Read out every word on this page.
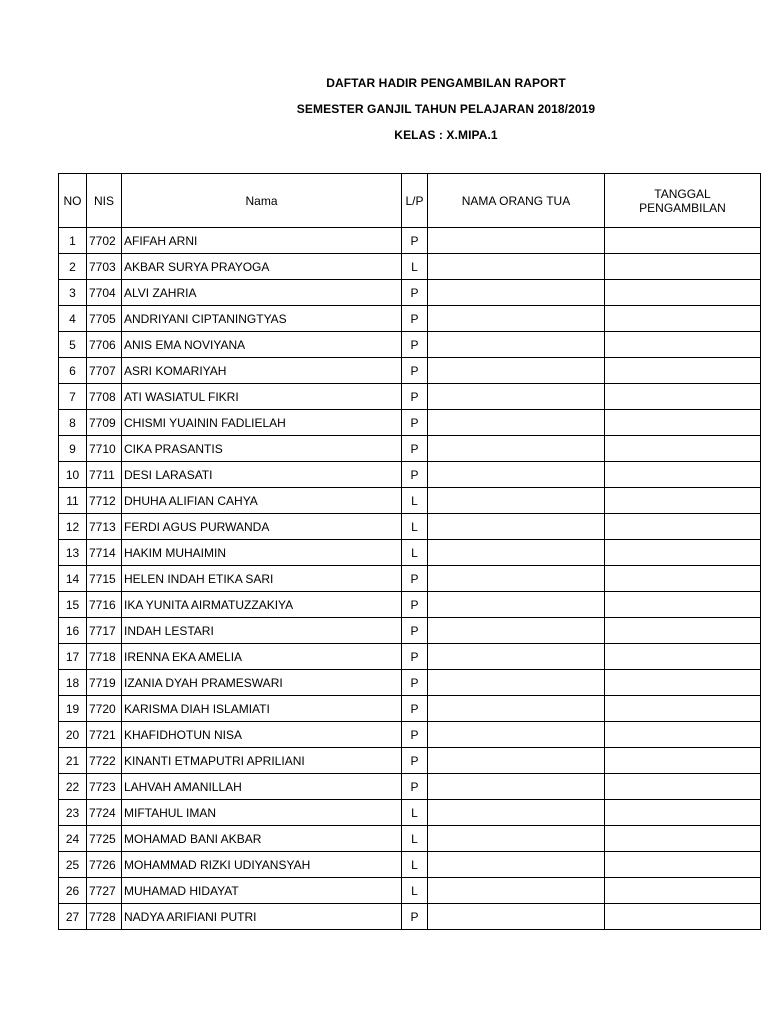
DAFTAR HADIR PENGAMBILAN RAPORT
SEMESTER GANJIL TAHUN PELAJARAN 2018/2019
KELAS : X.MIPA.1
NO	NIS	Nama	L/P	NAMA ORANG TUA	TANGGAL
PENGAMBILAN
1	7702	AFIFAH ARNI	P		
2	7703	AKBAR SURYA PRAYOGA	L		
3	7704	ALVI ZAHRIA	P		
4	7705	ANDRIYANI CIPTANINGTYAS	P		
5	7706	ANIS EMA NOVIYANA	P		
6	7707	ASRI KOMARIYAH	P		
7	7708	ATI WASIATUL FIKRI	P		
8	7709	CHISMI YUAININ FADLIELAH	P		
9	7710	CIKA PRASANTIS	P		
10	7711	DESI LARASATI	P		
11	7712	DHUHA ALIFIAN CAHYA	L		
12	7713	FERDI AGUS PURWANDA	L		
13	7714	HAKIM MUHAIMIN	L		
14	7715	HELEN INDAH ETIKA SARI	P		
15	7716	IKA YUNITA AIRMATUZZAKIYA	P		
16	7717	INDAH LESTARI	P		
17	7718	IRENNA EKA AMELIA	P		
18	7719	IZANIA DYAH PRAMESWARI	P		
19	7720	KARISMA DIAH ISLAMIATI	P		
20	7721	KHAFIDHOTUN NISA	P		
21	7722	KINANTI ETMAPUTRI APRILIANI	P		
22	7723	LAHVAH AMANILLAH	P		
23	7724	MIFTAHUL IMAN	L		
24	7725	MOHAMAD BANI AKBAR	L		
25	7726	MOHAMMAD RIZKI UDIYANSYAH	L		
26	7727	MUHAMAD HIDAYAT	L		
27	7728	NADYA ARIFIANI PUTRI	P		
